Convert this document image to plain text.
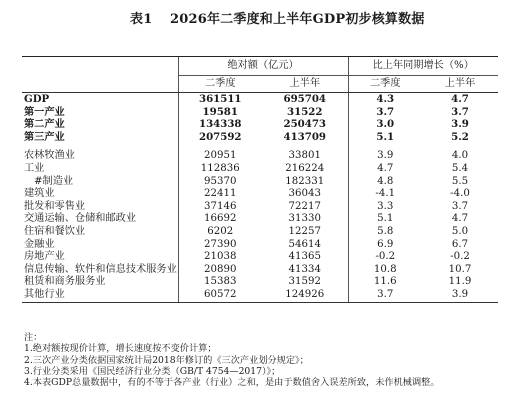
表1 2026年二季度和上半年GDP初步核算数据
	绝对额（亿元）		比上年同期增长（%）	
	二季度	上半年	二季度	上半年
GDP	361511	695704	4.3	4.7
第一产业	19581	31522	3.7	3.7
第二产业	134338	250473	3.0	3.9
第三产业	207592	413709	5.1	5.2

农林牧渔业	20951	33801	3.9	4.0
工业	112836	216224	4.7	5.4
#制造业	95370	182331	4.8	5.5
建筑业	22411	36043	-4.1	-4.0
批发和零售业	37146	72217	3.3	3.7
交通运输、仓储和邮政业	16692	31330	5.1	4.7
住宿和餐饮业	6202	12257	5.8	5.0
金融业	27390	54614	6.9	6.7
房地产业	21038	41365	-0.2	-0.2
信息传输、软件和信息技术服务业	20890	41334	10.8	10.7
租赁和商务服务业	15383	31592	11.6	11.9
其他行业	60572	124926	3.7	3.9
注：
1.绝对额按现价计算，增长速度按不变价计算；
2.三次产业分类依据国家统计局2018年修订的《三次产业划分规定》；
3.行业分类采用《国民经济行业分类（GB/T 4754—2017）》；
4.本表GDP总量数据中，有的不等于各产业（行业）之和，是由于数值舍入误差所致，未作机械调整。
